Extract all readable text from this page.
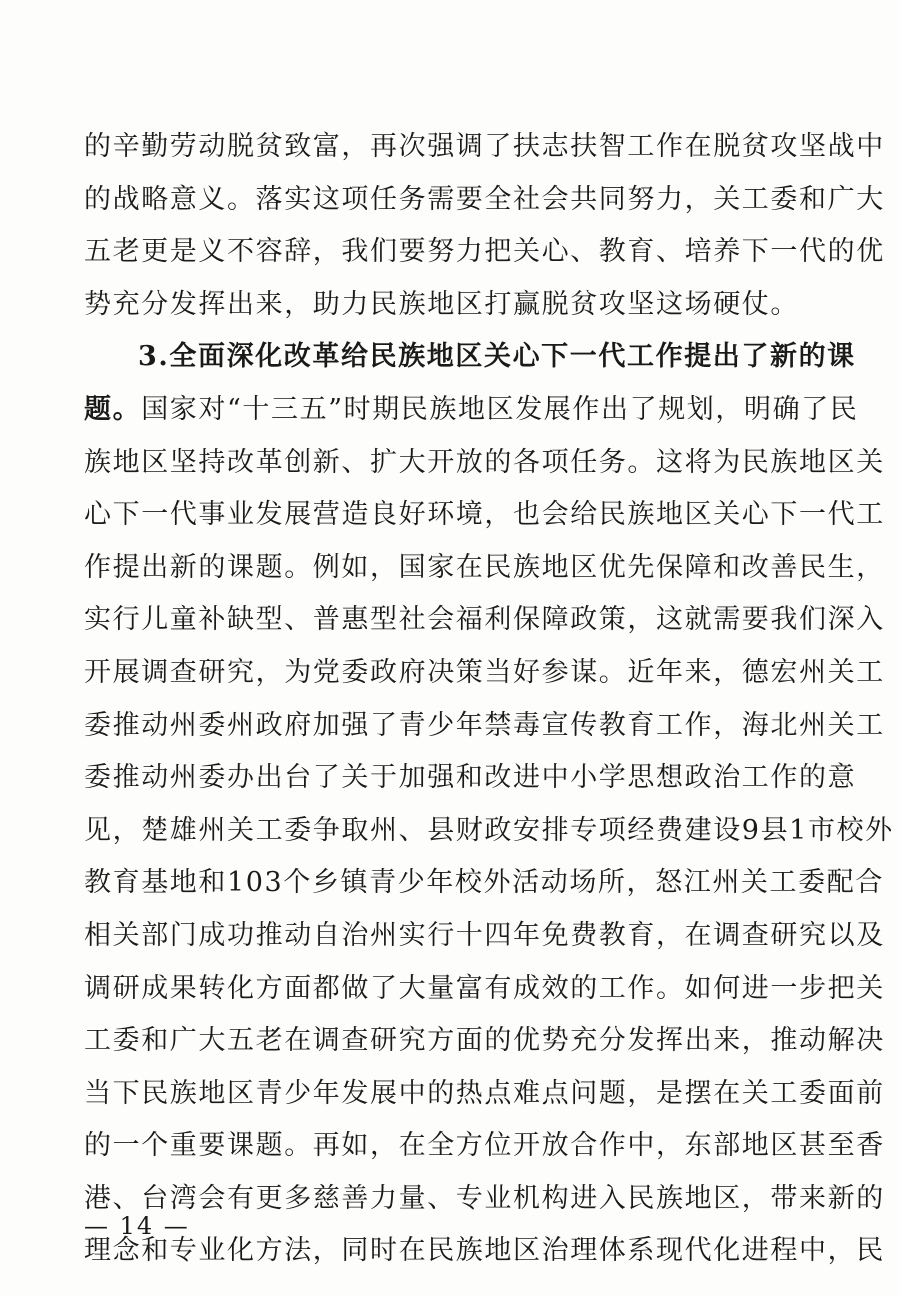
的辛勤劳动脱贫致富，再次强调了扶志扶智工作在脱贫攻坚战中
的战略意义。落实这项任务需要全社会共同努力，关工委和广大
五老更是义不容辞，我们要努力把关心、教育、培养下一代的优
势充分发挥出来，助力民族地区打赢脱贫攻坚这场硬仗。
3.全面深化改革给民族地区关心下一代工作提出了新的课
题。国家对“十三五”时期民族地区发展作出了规划，明确了民
族地区坚持改革创新、扩大开放的各项任务。这将为民族地区关
心下一代事业发展营造良好环境，也会给民族地区关心下一代工
作提出新的课题。例如，国家在民族地区优先保障和改善民生，
实行儿童补缺型、普惠型社会福利保障政策，这就需要我们深入
开展调查研究，为党委政府决策当好参谋。近年来，德宏州关工
委推动州委州政府加强了青少年禁毒宣传教育工作，海北州关工
委推动州委办出台了关于加强和改进中小学思想政治工作的意
见，楚雄州关工委争取州、县财政安排专项经费建设9县1市校外
教育基地和103个乡镇青少年校外活动场所，怒江州关工委配合
相关部门成功推动自治州实行十四年免费教育，在调查研究以及
调研成果转化方面都做了大量富有成效的工作。如何进一步把关
工委和广大五老在调查研究方面的优势充分发挥出来，推动解决
当下民族地区青少年发展中的热点难点问题，是摆在关工委面前
的一个重要课题。再如，在全方位开放合作中，东部地区甚至香
港、台湾会有更多慈善力量、专业机构进入民族地区，带来新的
理念和专业化方法，同时在民族地区治理体系现代化进程中，民
— 14 —
